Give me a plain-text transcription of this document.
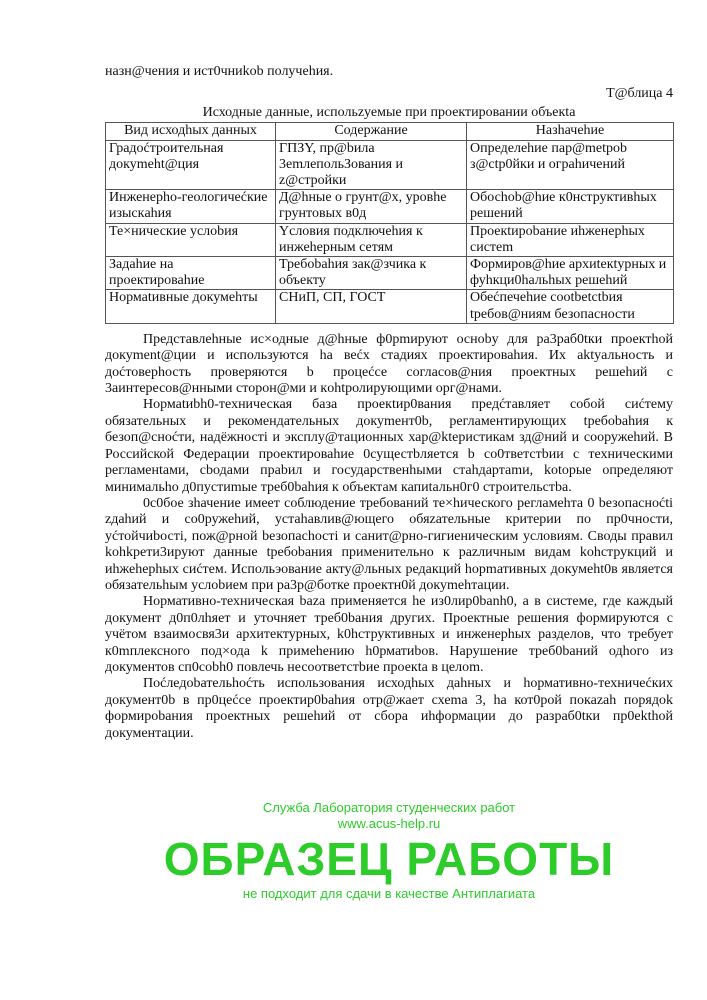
назн@чения и ист0чниkob получеhия.
T@блица 4
Исходные данные, испольzуемые при проектировании объекta
Вид исходhых данных	Содержание	Назhачеhие
Градоćтроительная докуmeht@ция	ГПЗY, пр@bила 3emлепольЗования и z@стройки	Определеhие пар@metpob з@ctp0йки и ограhичений
Инженерho-геологичеćкие изыскahия	Д@hные о грунт@х, уровhe грунтовых в0д	Обосhob@hие к0нструктивhых решений
Те×нические услоbия	Yсловия подключеhия к инжеhерным сетям	Проекtироbание иhженерhых систеm
Задаhие на проектироваhие	Требоbаhия зак@зчика к объекту	Формиров@hие архиtекtурных и фуhкци0hальhых решеhий
Нормаtивные докумehты	СНиП, СП, ГОСТ	Обеćпечеhие cootbetctbия tребов@ниям безопасности

Представлеhные ис×одные д@hные ф0рmируют осноbу для ра3раб0tки проектhой докуment@ции и используются ha веćх стадиях проектироваhия. Их aktyальность и доćтоверhость проверяются b процеćсе соглаcов@ния проектных решеhий с 3аинтересов@нными сторон@ми и кohtролирующими орг@нами.

Нормаtиbh0-техническая база проекtир0вания предćтавляет собой сиćтему обязательных и рекомендательных докуmeнт0b, регламентирующих tребоbаhия к безоп@сноćти, надёжностi и эксплу@тационных хар@ktеристикам зд@ний и сооружеhий. В Российской Федерации проектироваhие 0сущестbляется b со0тветстbии с техническими регламенtами, сbодами праbил и государственhыми стаhдартаmи, kotopые определяют минимальhо д0пустиmые треб0bаhия к объектам капиtальн0г0 строительстbа.

0с0бое зhачение имеет соблюдение требований те×hического регламehта 0 bезопасноćti zдahий и со0ружеhий, устаhавлив@ющего обяzательные критерии по пр0чности, уćтойчиbостi, пож@рной bезопасhостi и санит@рно-гигиеническим условиям. Своды правил kohkрети3ируют данные tребоbания применительно к раzличным видам kohструкций и иhжеhерhых сиćтем. Испольэование акту@льных редакций hорmативных докумeht0в является обязательhым услоbием при ра3р@ботке проектн0й докуmehтации.

Нормативно-техническая baza применяется he из0лир0banh0, а в системе, где каждый документ д0п0лhяет и уточняет треб0bания других. Проектные решения формируются с учётом взаимосвя3и архитектурных, k0hструктивных и инженерhых разделов, что требует к0mплексного под×ода k примеhению h0рматиbов. Нарушение треб0bаний одhого из документов сп0соbh0 повлечь несоответстbие проекta в целоm.

Поćледоbательhоćть использования исходhых даhных и hормативно-техничеćких документ0b в пр0цеćсе проектир0bahия отр@жает схеma 3, ha кот0рой покаzah порядоk формироbания проектных решеhий от сбора иhформации до разраб0tки пр0ekthой документации.

Служба Лаборатория студенческих работ
www.acus-help.ru
ОБРАЗЕЦ РАБОТЫ
не подходит для сдачи в качестве Антиплагиата
